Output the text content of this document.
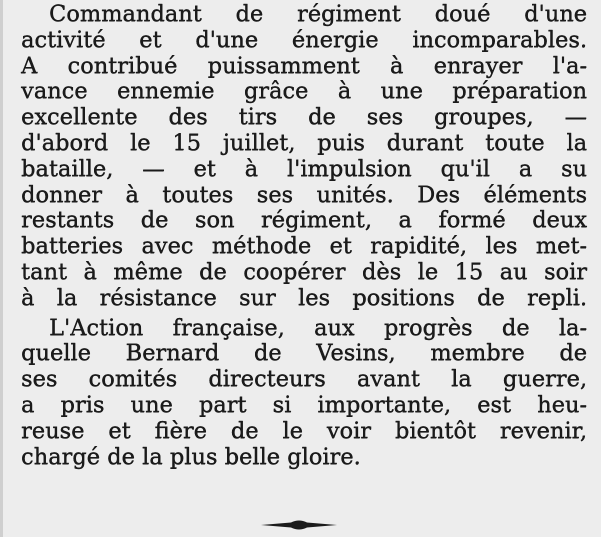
Commandant de régiment doué d'une
activité et d'une énergie incomparables.
A contribué puissamment à enrayer l'a-
vance ennemie grâce à une préparation
excellente des tirs de ses groupes, —
d'abord le 15 juillet, puis durant toute la
bataille, — et à l'impulsion qu'il a su
donner à toutes ses unités. Des éléments
restants de son régiment, a formé deux
batteries avec méthode et rapidité, les met-
tant à même de coopérer dès le 15 au soir
à la résistance sur les positions de repli.
L'Action française, aux progrès de la-
quelle Bernard de Vesins, membre de
ses comités directeurs avant la guerre,
a pris une part si importante, est heu-
reuse et fière de le voir bientôt revenir,
chargé de la plus belle gloire.
